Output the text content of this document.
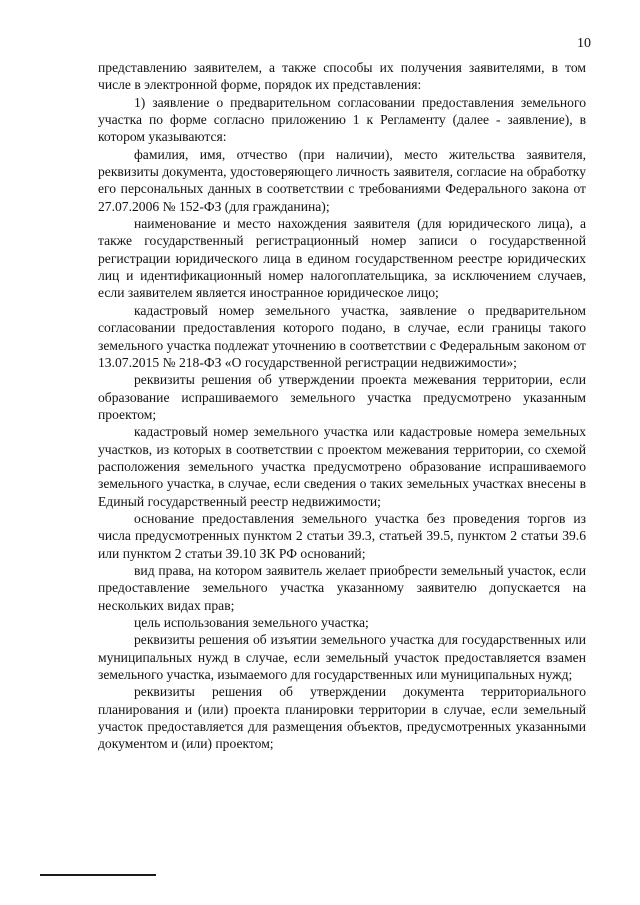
10

представлению заявителем, а также способы их получения заявителями, в том числе в электронной форме, порядок их представления:

1) заявление о предварительном согласовании предоставления земельного участка по форме согласно приложению 1 к Регламенту (далее - заявление), в котором указываются:

фамилия, имя, отчество (при наличии), место жительства заявителя, реквизиты документа, удостоверяющего личность заявителя, согласие на обработку его персональных данных в соответствии с требованиями Федерального закона от 27.07.2006 № 152-ФЗ (для гражданина);

наименование и место нахождения заявителя (для юридического лица), а также государственный регистрационный номер записи о государственной регистрации юридического лица в едином государственном реестре юридических лиц и идентификационный номер налогоплательщика, за исключением случаев, если заявителем является иностранное юридическое лицо;

кадастровый номер земельного участка, заявление о предварительном согласовании предоставления которого подано, в случае, если границы такого земельного участка подлежат уточнению в соответствии с Федеральным законом от 13.07.2015 № 218-ФЗ «О государственной регистрации недвижимости»;

реквизиты решения об утверждении проекта межевания территории, если образование испрашиваемого земельного участка предусмотрено указанным проектом;

кадастровый номер земельного участка или кадастровые номера земельных участков, из которых в соответствии с проектом межевания территории, со схемой расположения земельного участка предусмотрено образование испрашиваемого земельного участка, в случае, если сведения о таких земельных участках внесены в Единый государственный реестр недвижимости;

основание предоставления земельного участка без проведения торгов из числа предусмотренных пунктом 2 статьи 39.3, статьей 39.5, пунктом 2 статьи 39.6 или пунктом 2 статьи 39.10 ЗК РФ оснований;

вид права, на котором заявитель желает приобрести земельный участок, если предоставление земельного участка указанному заявителю допускается на нескольких видах прав;

цель использования земельного участка;

реквизиты решения об изъятии земельного участка для государственных или муниципальных нужд в случае, если земельный участок предоставляется взамен земельного участка, изымаемого для государственных или муниципальных нужд;

реквизиты решения об утверждении документа территориального планирования и (или) проекта планировки территории в случае, если земельный участок предоставляется для размещения объектов, предусмотренных указанными документом и (или) проектом;
